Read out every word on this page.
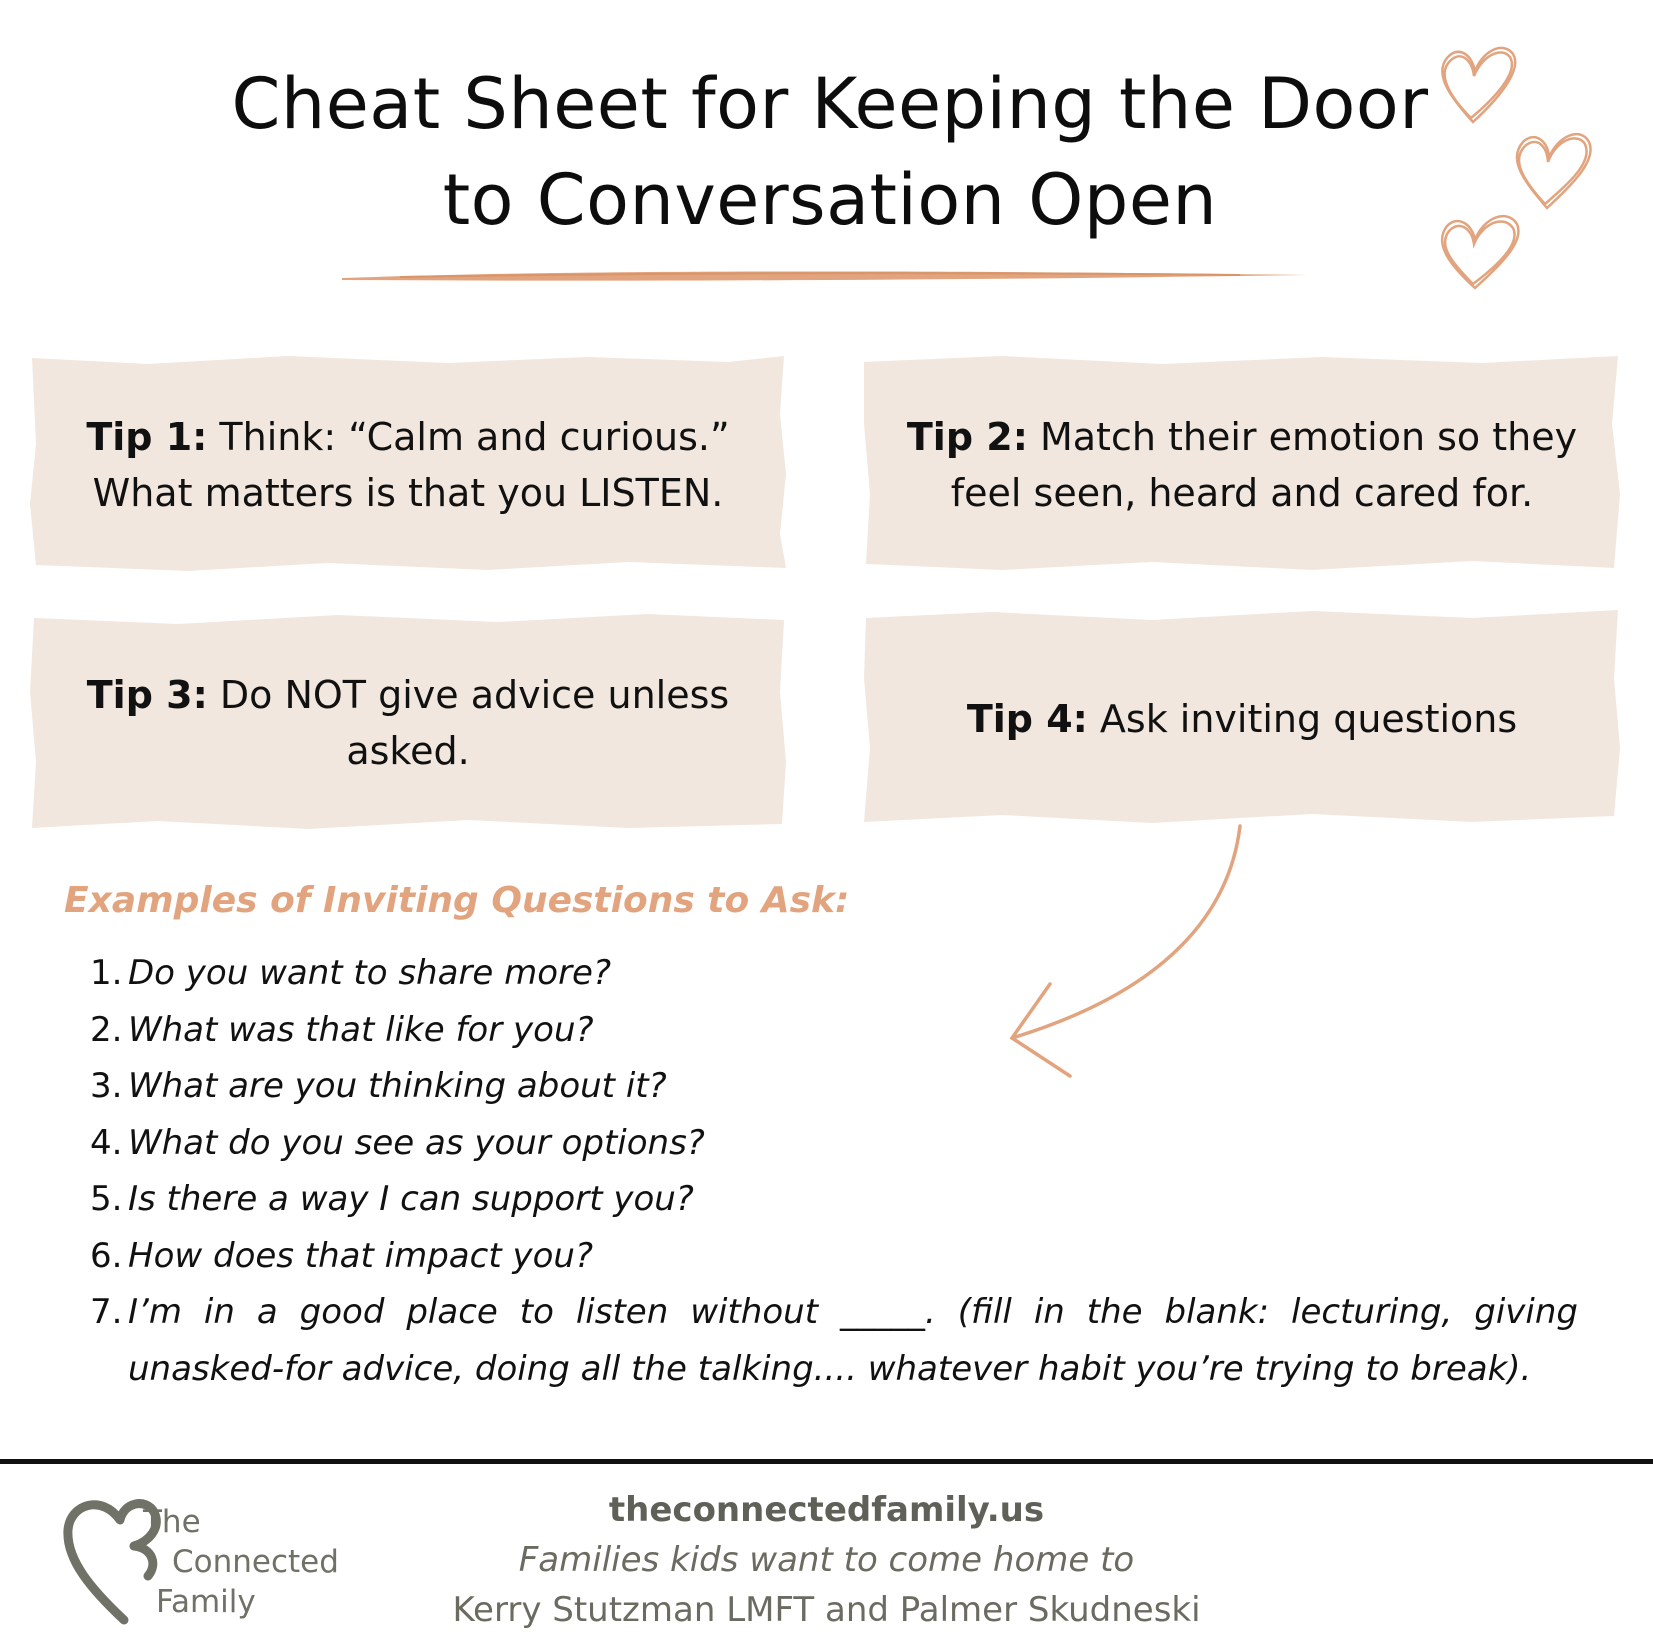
Cheat Sheet for Keeping the Door
to Conversation Open
Tip 1: Think: “Calm and curious.” What matters is that you LISTEN.
Tip 2: Match their emotion so they feel seen, heard and cared for.
Tip 3: Do NOT give advice unless asked.
Tip 4: Ask inviting questions
Examples of Inviting Questions to Ask:
1. Do you want to share more?
2. What was that like for you?
3. What are you thinking about it?
4. What do you see as your options?
5. Is there a way I can support you?
6. How does that impact you?
7. I’m in a good place to listen without _____. (fill in the blank: lecturing, giving unasked-for advice, doing all the talking.... whatever habit you’re trying to break).
The
Connected
Family
theconnectedfamily.us
Families kids want to come home to
Kerry Stutzman LMFT and Palmer Skudneski
